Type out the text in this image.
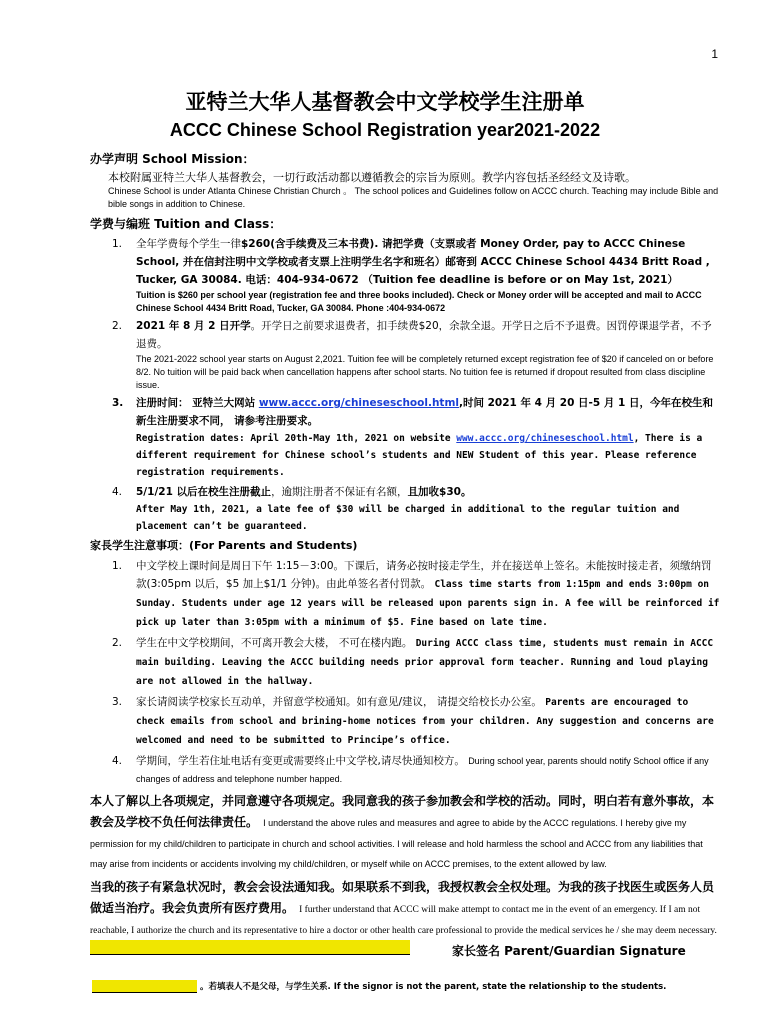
1
亚特兰大华人基督教会中文学校学生注册单
ACCC Chinese School Registration year2021-2022
办学声明 School Mission：
本校附属亚特兰大华人基督教会，一切行政活动都以遵循教会的宗旨为原则。教学内容包括圣经经文及诗歌。
Chinese School is under Atlanta Chinese Christian Church 。 The school polices and Guidelines follow on ACCC church. Teaching may include Bible and bible songs in addition to Chinese.
学费与编班 Tuition and Class：
1. 全年学费每个学生一律$260(含手续费及三本书费). 请把学费（支票或者 Money Order, pay to ACCC Chinese School, 并在信封注明中文学校或者支票上注明学生名字和班名）邮寄到 ACCC Chinese School 4434 Britt Road , Tucker, GA 30084. 电话：404-934-0672 （Tuition fee deadline is before or on May 1st, 2021）
Tuition is $260 per school year (registration fee and three books included). Check or Money order will be accepted and mail to ACCC Chinese School 4434 Britt Road, Tucker, GA 30084. Phone :404-934-0672
2. 2021 年 8 月 2 日开学。开学日之前要求退费者，扣手续费$20，余款全退。开学日之后不予退费。因罚停课退学者，不予退费。
The 2021-2022 school year starts on August 2,2021. Tuition fee will be completely returned except registration fee of $20 if canceled on or before 8/2. No tuition will be paid back when cancellation happens after school starts. No tuition fee is returned if dropout resulted from class discipline issue.
3. 注册时间： 亚特兰大网站 www.accc.org/chineseschool.html,时间 2021 年 4 月 20 日-5 月 1 日，今年在校生和新生注册要求不同， 请参考注册要求。
Registration dates: April 20th-May 1th, 2021 on website www.accc.org/chineseschool.html, There is a different requirement for Chinese school’s students and NEW Student of this year. Please reference registration requirements.
4. 5/1/21 以后在校生注册截止，逾期注册者不保证有名额，且加收$30。
After May 1th, 2021, a late fee of $30 will be charged in additional to the regular tuition and placement can’t be guaranteed.
家長学生注意事项：(For Parents and Students)
1. 中文学校上课时间是周日下午 1:15－3:00。下课后，请务必按时接走学生，并在接送单上签名。未能按时接走者，须缴纳罚款(3:05pm 以后，$5 加上$1/1 分钟)。由此单签名者付罚款。 Class time starts from 1:15pm and ends 3:00pm on Sunday. Students under age 12 years will be released upon parents sign in. A fee will be reinforced if pick up later than 3:05pm with a minimum of $5. Fine based on late time.
2. 学生在中文学校期间，不可离开教会大楼， 不可在楼内跑。 During ACCC class time, students must remain in ACCC main building. Leaving the ACCC building needs prior approval form teacher. Running and loud playing are not allowed in the hallway.
3. 家长请阅读学校家长互动单，并留意学校通知。如有意见/建议， 请提交给校长办公室。 Parents are encouraged to check emails from school and brining-home notices from your children. Any suggestion and concerns are welcomed and need to be submitted to Principe’s office.
4. 学期间，学生若住址电话有变更或需要终止中文学校,请尽快通知校方。 During school year, parents should notify School office if any changes of address and telephone number happed.
本人了解以上各项规定，并同意遵守各项规定。我同意我的孩子参加教会和学校的活动。同时，明白若有意外事故，本教会及学校不负任何法律责任。 I understand the above rules and measures and agree to abide by the ACCC regulations. I hereby give my permission for my child/children to participate in church and school activities. I will release and hold harmless the school and ACCC from any liabilities that may arise from incidents or accidents involving my child/children, or myself while on ACCC premises, to the extent allowed by law.
当我的孩子有紧急状况时，教会会设法通知我。如果联系不到我，我授权教会全权处理。为我的孩子找医生或医务人员做适当治疗。我会负责所有医疗费用。 I further understand that ACCC will make attempt to contact me in the event of an emergency. If I am not reachable, I authorize the church and its representative to hire a doctor or other health care professional to provide the medical services he / she may deem necessary.
家长签名 Parent/Guardian Signature
。若填表人不是父母，与学生关系. If the signor is not the parent, state the relationship to the students.
